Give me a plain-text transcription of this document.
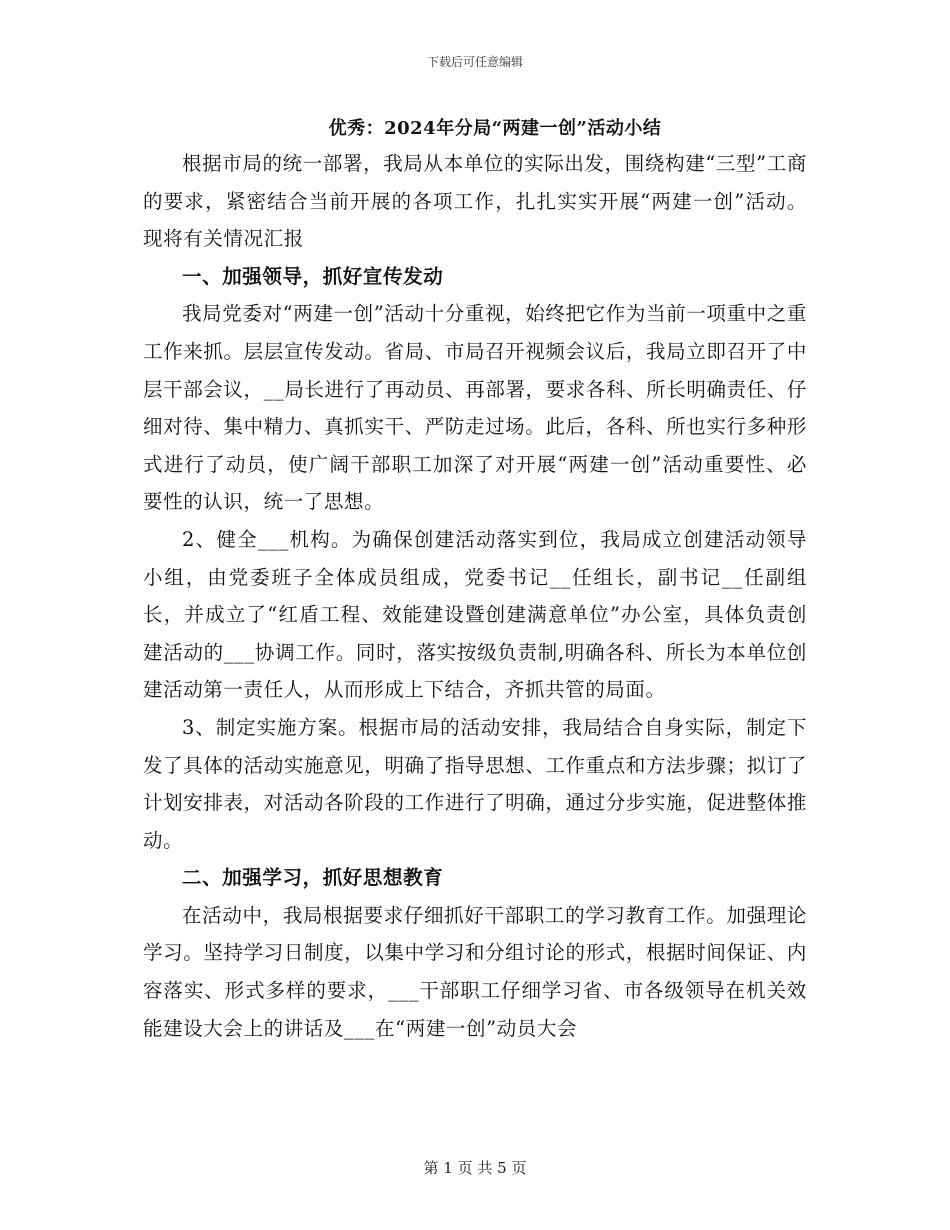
下载后可任意编辑
优秀：2024年分局“两建一创”活动小结

根据市局的统一部署，我局从本单位的实际出发，围绕构建“三型”工商的要求，紧密结合当前开展的各项工作，扎扎实实开展“两建一创”活动。现将有关情况汇报

一、加强领导，抓好宣传发动

我局党委对“两建一创”活动十分重视，始终把它作为当前一项重中之重工作来抓。层层宣传发动。省局、市局召开视频会议后，我局立即召开了中层干部会议，__局长进行了再动员、再部署，要求各科、所长明确责任、仔细对待、集中精力、真抓实干、严防走过场。此后，各科、所也实行多种形式进行了动员，使广阔干部职工加深了对开展“两建一创”活动重要性、必要性的认识，统一了思想。

2、健全___机构。为确保创建活动落实到位，我局成立创建活动领导小组，由党委班子全体成员组成，党委书记__任组长，副书记__任副组长，并成立了“红盾工程、效能建设暨创建满意单位”办公室，具体负责创建活动的___协调工作。同时，落实按级负责制,明确各科、所长为本单位创建活动第一责任人，从而形成上下结合，齐抓共管的局面。

3、制定实施方案。根据市局的活动安排，我局结合自身实际，制定下发了具体的活动实施意见，明确了指导思想、工作重点和方法步骤；拟订了计划安排表，对活动各阶段的工作进行了明确，通过分步实施，促进整体推动。

二、加强学习，抓好思想教育

在活动中，我局根据要求仔细抓好干部职工的学习教育工作。加强理论学习。坚持学习日制度，以集中学习和分组讨论的形式，根据时间保证、内容落实、形式多样的要求，___干部职工仔细学习省、市各级领导在机关效能建设大会上的讲话及___在“两建一创”动员大会

第 1 页 共 5 页
